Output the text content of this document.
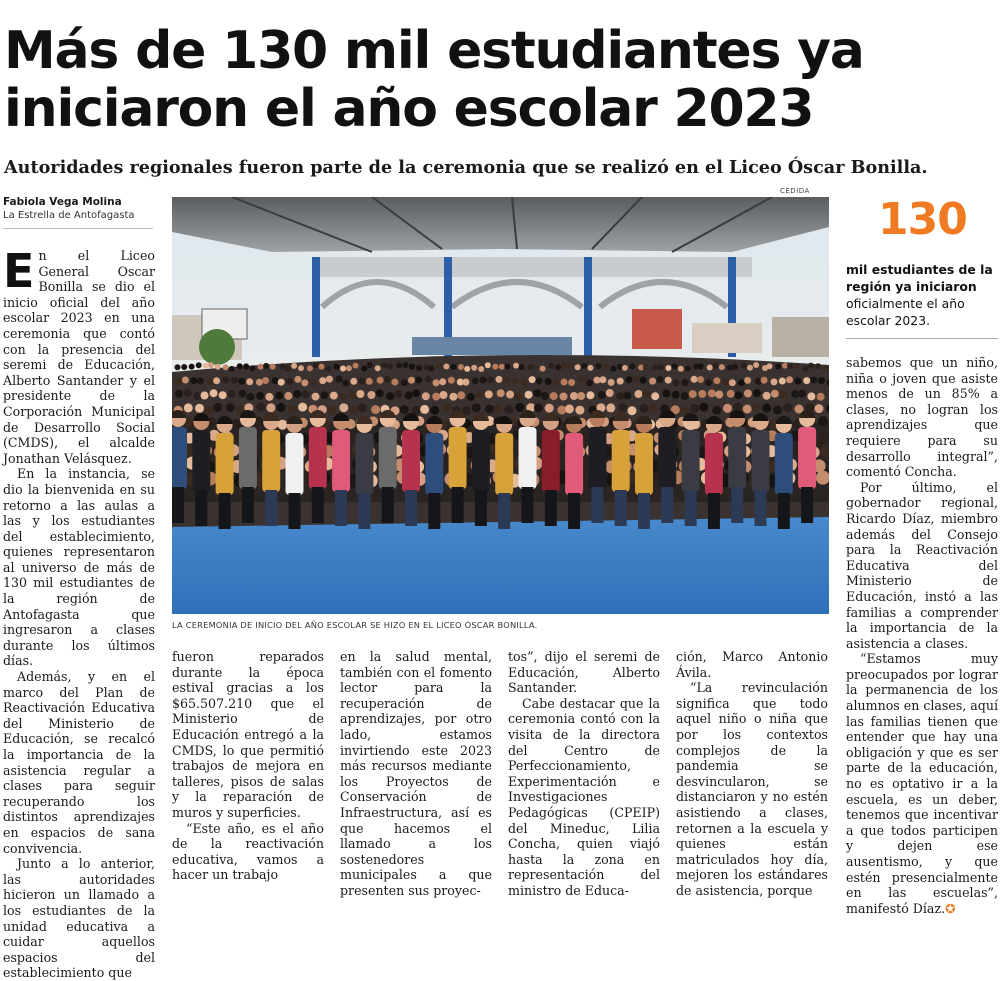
Más de 130 mil estudiantes ya iniciaron el año escolar 2023
Autoridades regionales fueron parte de la ceremonia que se realizó en el Liceo Óscar Bonilla.
Fabiola Vega Molina
La Estrella de Antofagasta

En el Liceo General Oscar Bonilla se dio el inicio oficial del año escolar 2023 en una ceremonia que contó con la presencia del seremi de Educación, Alberto Santander y el presidente de la Corporación Municipal de Desarrollo Social (CMDS), el alcalde Jonathan Velásquez.

En la instancia, se dio la bienvenida en su retorno a las aulas a las y los estudiantes del establecimiento, quienes representaron al universo de más de 130 mil estudiantes de la región de Antofagasta que ingresaron a clases durante los últimos días.

Además, y en el marco del Plan de Reactivación Educativa del Ministerio de Educación, se recalcó la importancia de la asistencia regular a clases para seguir recuperando los distintos aprendizajes en espacios de sana convivencia.

Junto a lo anterior, las autoridades hicieron un llamado a los estudiantes de la unidad educativa a cuidar aquellos espacios del establecimiento que

CEDIDA
LA CEREMONIA DE INICIO DEL AÑO ESCOLAR SE HIZO EN EL LICEO ÓSCAR BONILLA.
130
mil estudiantes de la región ya iniciaron oficialmente el año escolar 2023.

fueron reparados durante la época estival gracias a los $65.507.210 que el Ministerio de Educación entregó a la CMDS, lo que permitió trabajos de mejora en talleres, pisos de salas y la reparación de muros y superficies.

“Este año, es el año de la reactivación educativa, vamos a hacer un trabajo

en la salud mental, también con el fomento lector para la recuperación de aprendizajes, por otro lado, estamos invirtiendo este 2023 más recursos mediante los Proyectos de Conservación de Infraestructura, así es que hacemos el llamado a los sostenedores municipales a que presenten sus proyec-

tos”, dijo el seremi de Educación, Alberto Santander.

Cabe destacar que la ceremonia contó con la visita de la directora del Centro de Perfeccionamiento, Experimentación e Investigaciones Pedagógicas (CPEIP) del Mineduc, Lilia Concha, quien viajó hasta la zona en representación del ministro de Educa-

ción, Marco Antonio Ávila.

“La revinculación significa que todo aquel niño o niña que por los contextos complejos de la pandemia se desvincularon, se distanciaron y no estén asistiendo a clases, retornen a la escuela y quienes están matriculados hoy día, mejoren los estándares de asistencia, porque

sabemos que un niño, niña o joven que asiste menos de un 85% a clases, no logran los aprendizajes que requiere para su desarrollo integral”, comentó Concha.

Por último, el gobernador regional, Ricardo Díaz, miembro además del Consejo para la Reactivación Educativa del Ministerio de Educación, instó a las familias a comprender la importancia de la asistencia a clases.

“Estamos muy preocupados por lograr la permanencia de los alumnos en clases, aquí las familias tienen que entender que hay una obligación y que es ser parte de la educación, no es optativo ir a la escuela, es un deber, tenemos que incentivar a que todos participen y dejen ese ausentismo, y que estén presencialmente en las escuelas”, manifestó Díaz.✪
